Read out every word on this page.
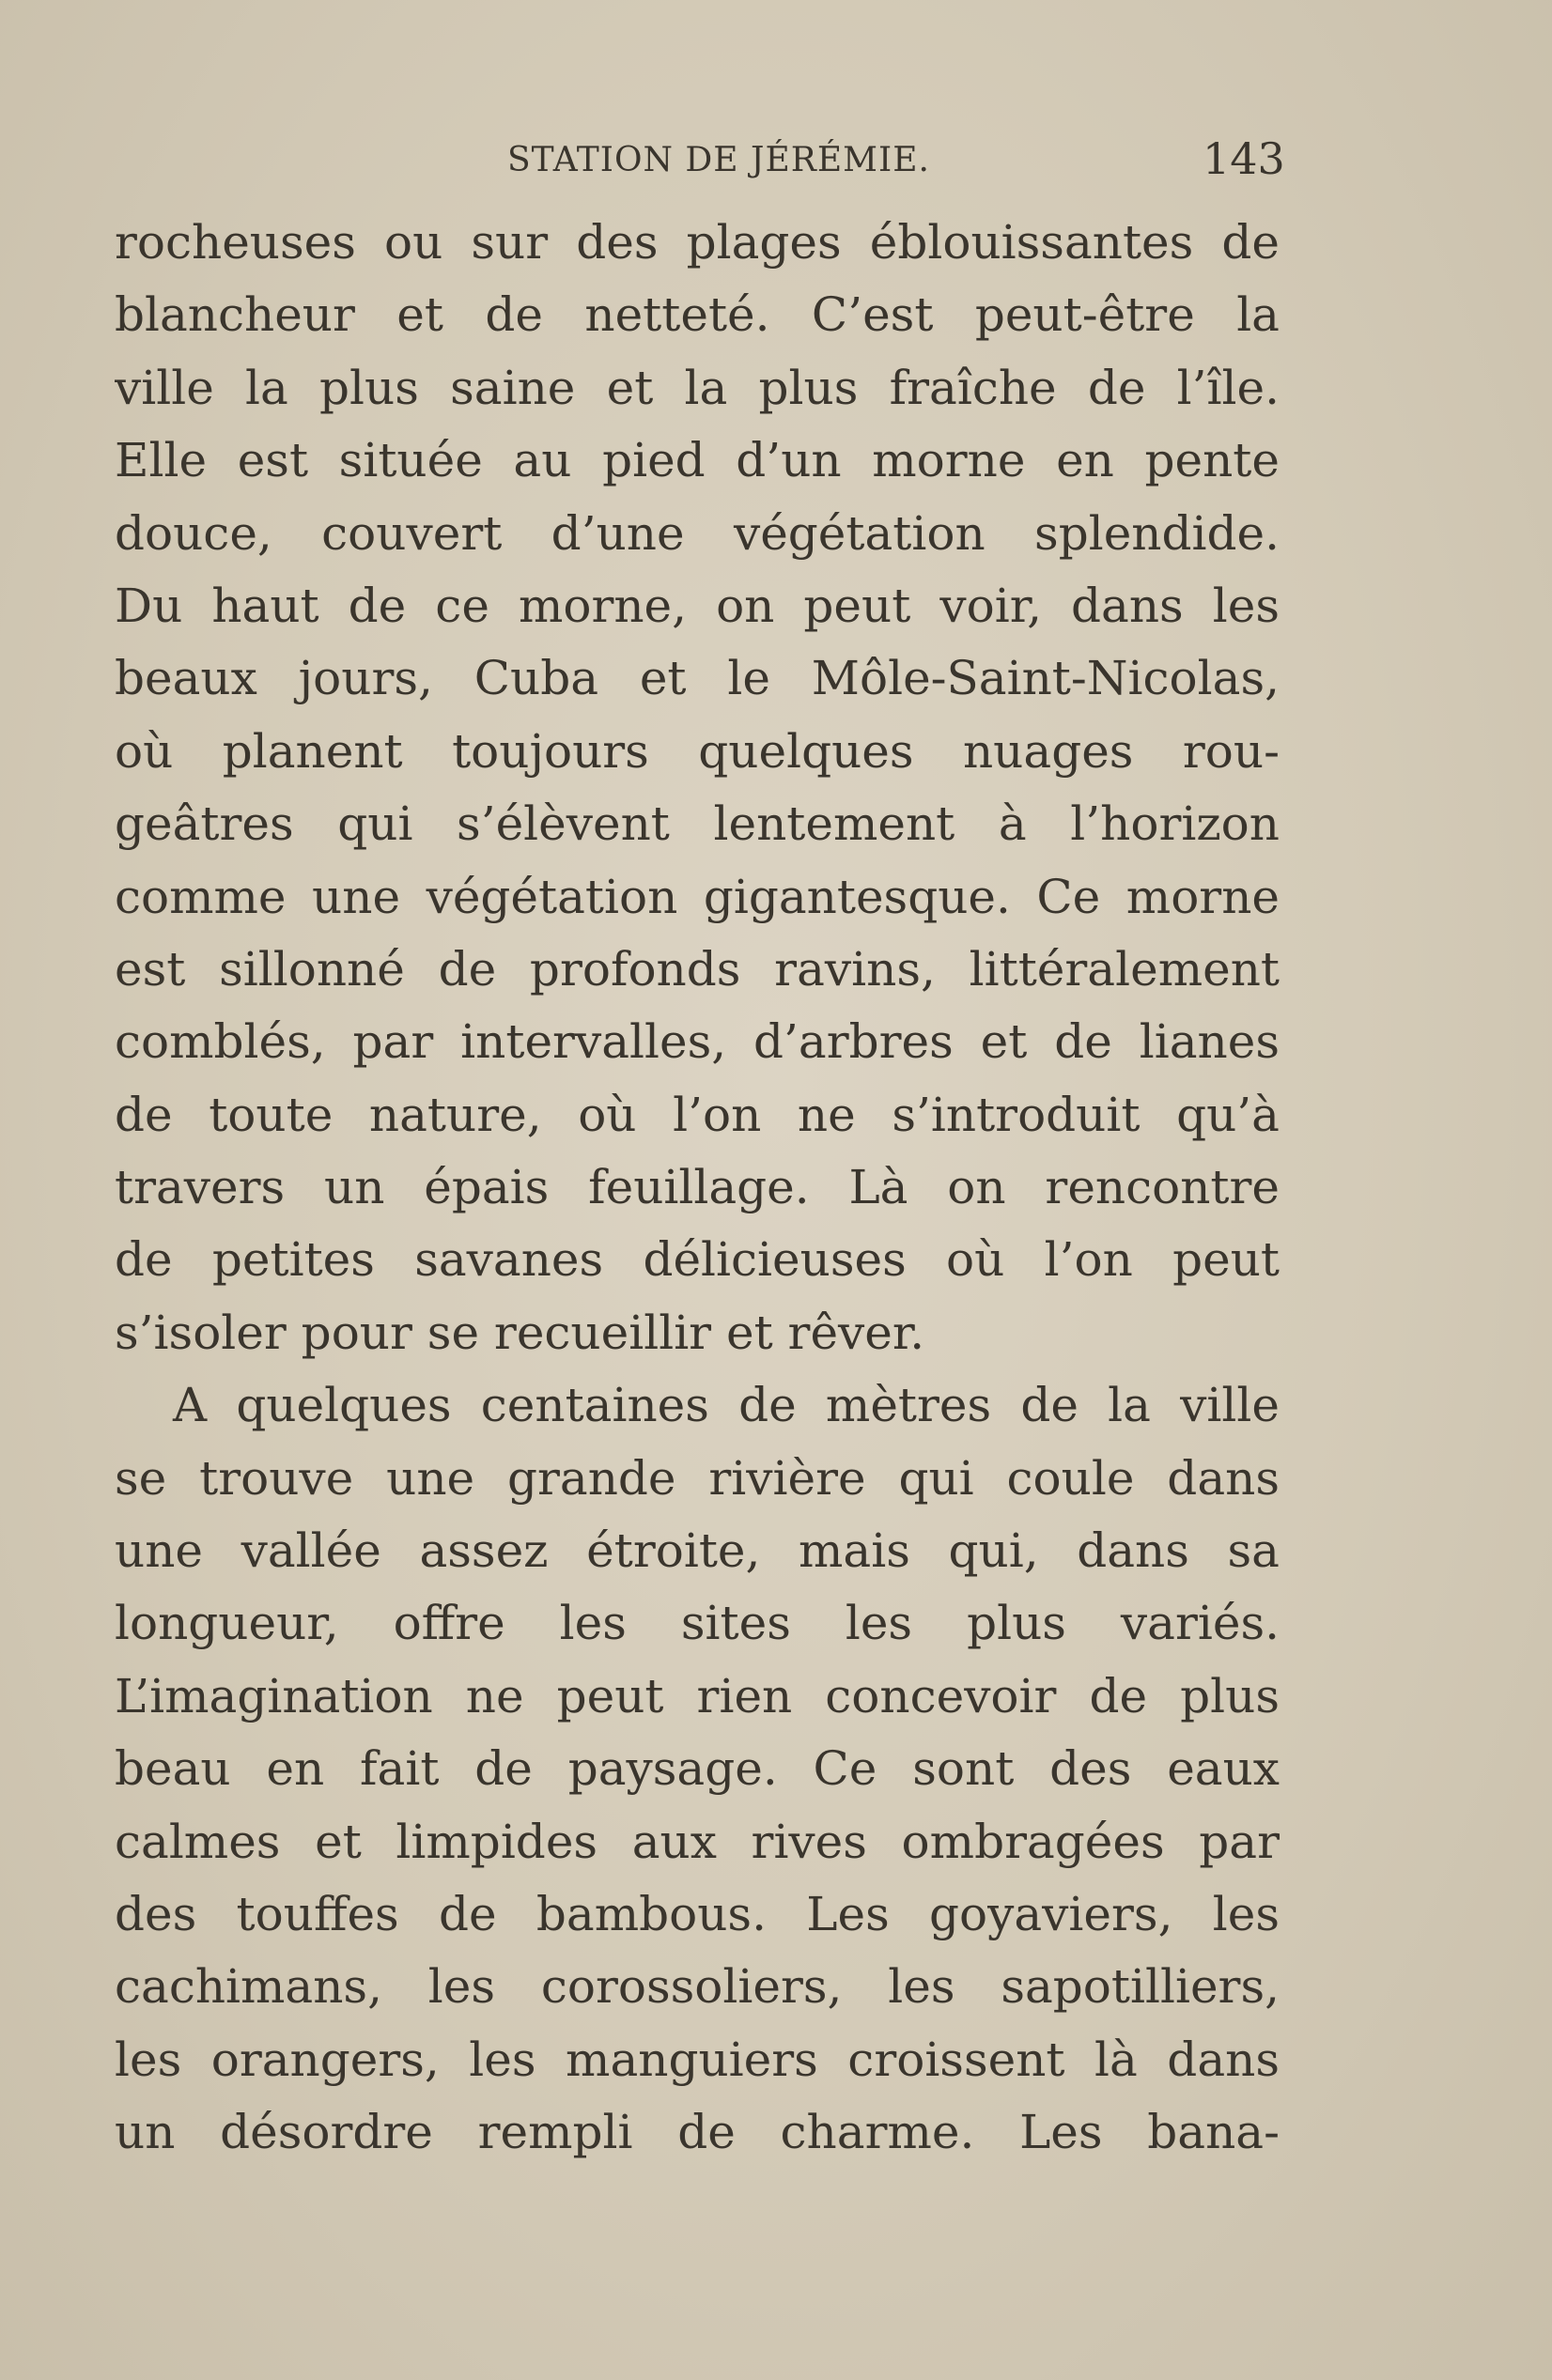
STATION DE JÉRÉMIE.	143
rocheuses ou sur des plages éblouissantes de
blancheur et de netteté. C’est peut-être la
ville la plus saine et la plus fraîche de l’île.
Elle est située au pied d’un morne en pente
douce, couvert d’une végétation splendide.
Du haut de ce morne, on peut voir, dans les
beaux jours, Cuba et le Môle-Saint-Nicolas,
où planent toujours quelques nuages rou-
geâtres qui s’élèvent lentement à l’horizon
comme une végétation gigantesque. Ce morne
est sillonné de profonds ravins, littéralement
comblés, par intervalles, d’arbres et de lianes
de toute nature, où l’on ne s’introduit qu’à
travers un épais feuillage. Là on rencontre
de petites savanes délicieuses où l’on peut
s’isoler pour se recueillir et rêver.
A quelques centaines de mètres de la ville
se trouve une grande rivière qui coule dans
une vallée assez étroite, mais qui, dans sa
longueur, offre les sites les plus variés.
L’imagination ne peut rien concevoir de plus
beau en fait de paysage. Ce sont des eaux
calmes et limpides aux rives ombragées par
des touffes de bambous. Les goyaviers, les
cachimans, les corossoliers, les sapotilliers,
les orangers, les manguiers croissent là dans
un désordre rempli de charme. Les bana-
